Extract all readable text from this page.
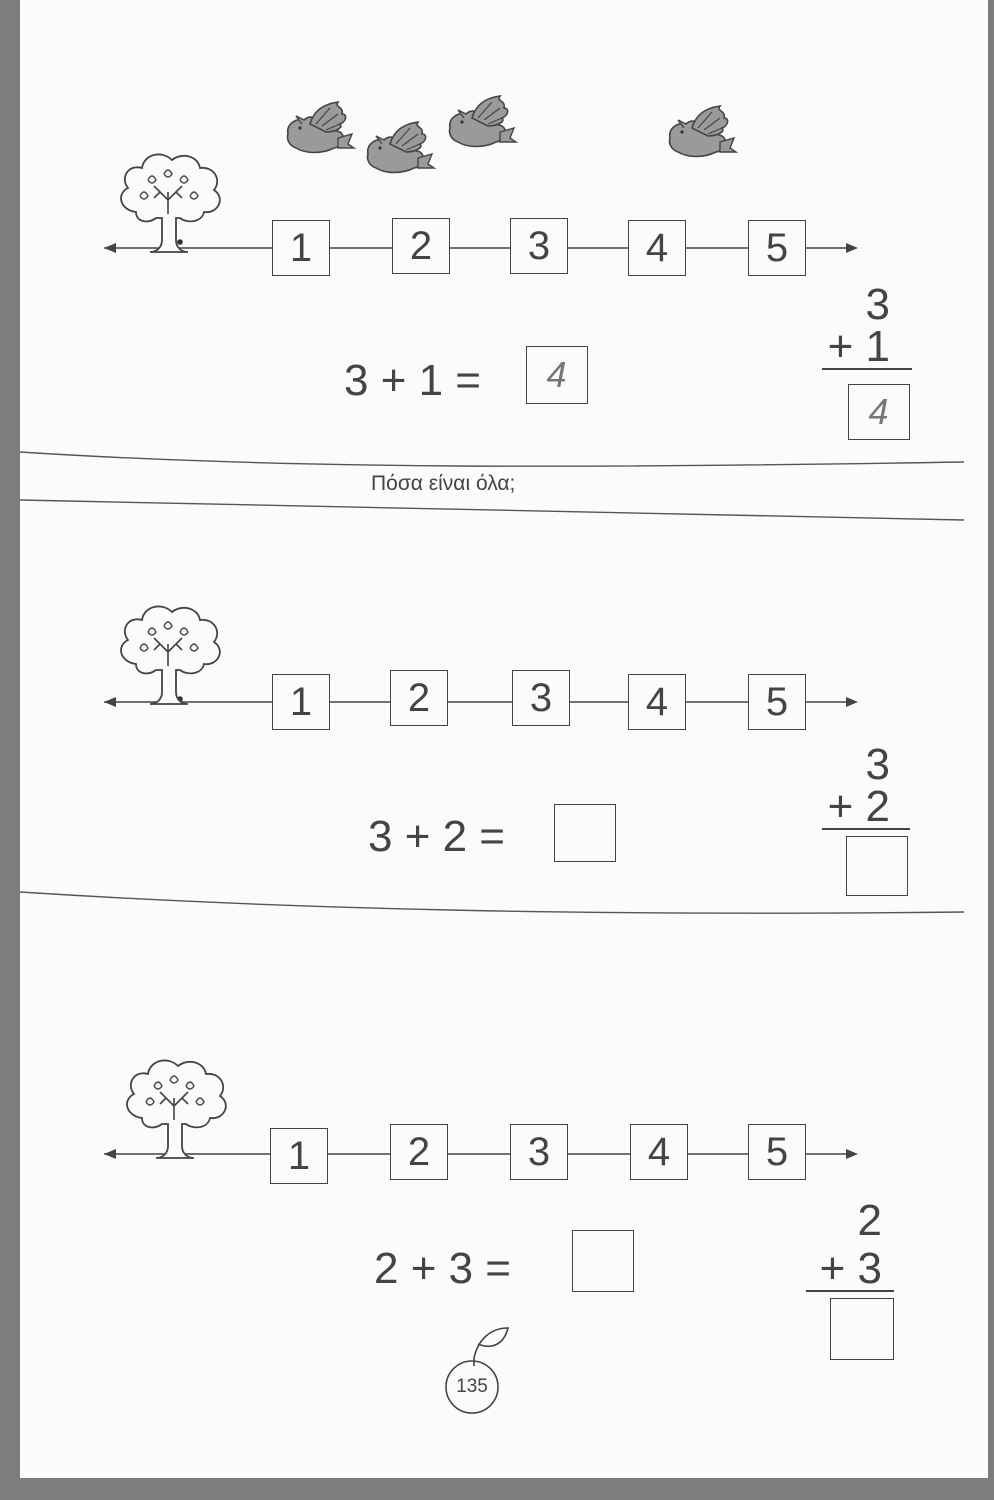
1	2	3	4	5
3 + 1 =	4
3
+ 1
4
Πόσα είναι όλα;
1	2	3	4	5
3 + 2 =
3
+ 2
1	2	3	4	5
2 + 3 =
2
+ 3
135
